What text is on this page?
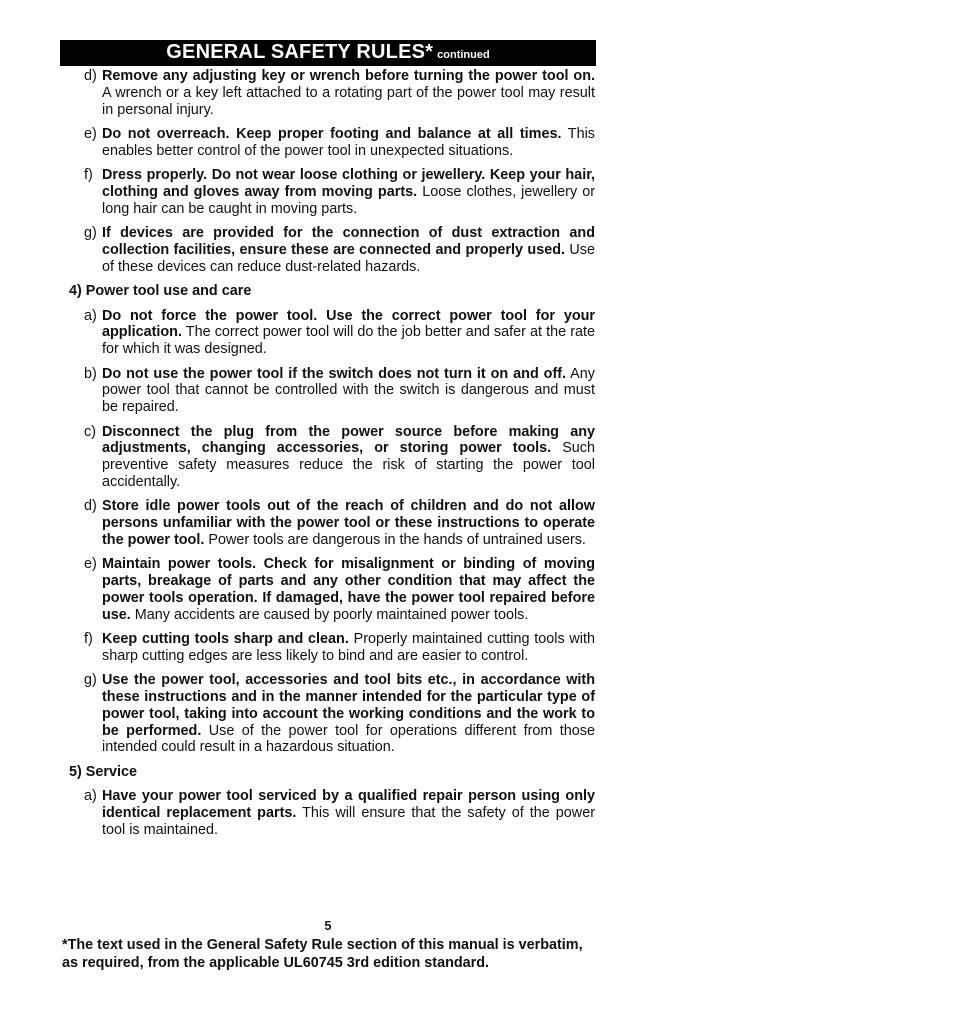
GENERAL SAFETY RULES* continued
d) Remove any adjusting key or wrench before turning the power tool on. A wrench or a key left attached to a rotating part of the power tool may result in personal injury.
e) Do not overreach. Keep proper footing and balance at all times. This enables better control of the power tool in unexpected situations.
f) Dress properly. Do not wear loose clothing or jewellery. Keep your hair, clothing and gloves away from moving parts. Loose clothes, jewellery or long hair can be caught in moving parts.
g) If devices are provided for the connection of dust extraction and collection facilities, ensure these are connected and properly used. Use of these devices can reduce dust-related hazards.
4) Power tool use and care
a) Do not force the power tool. Use the correct power tool for your application. The correct power tool will do the job better and safer at the rate for which it was designed.
b) Do not use the power tool if the switch does not turn it on and off. Any power tool that cannot be controlled with the switch is dangerous and must be repaired.
c) Disconnect the plug from the power source before making any adjustments, changing accessories, or storing power tools. Such preventive safety measures reduce the risk of starting the power tool accidentally.
d) Store idle power tools out of the reach of children and do not allow persons unfamiliar with the power tool or these instructions to operate the power tool. Power tools are dangerous in the hands of untrained users.
e) Maintain power tools. Check for misalignment or binding of moving parts, breakage of parts and any other condition that may affect the power tools operation. If damaged, have the power tool repaired before use. Many accidents are caused by poorly maintained power tools.
f) Keep cutting tools sharp and clean. Properly maintained cutting tools with sharp cutting edges are less likely to bind and are easier to control.
g) Use the power tool, accessories and tool bits etc., in accordance with these instructions and in the manner intended for the particular type of power tool, taking into account the working conditions and the work to be performed. Use of the power tool for operations different from those intended could result in a hazardous situation.
5) Service
a) Have your power tool serviced by a qualified repair person using only identical replacement parts. This will ensure that the safety of the power tool is maintained.
5
*The text used in the General Safety Rule section of this manual is verbatim, as required, from the applicable UL60745 3rd edition standard.
